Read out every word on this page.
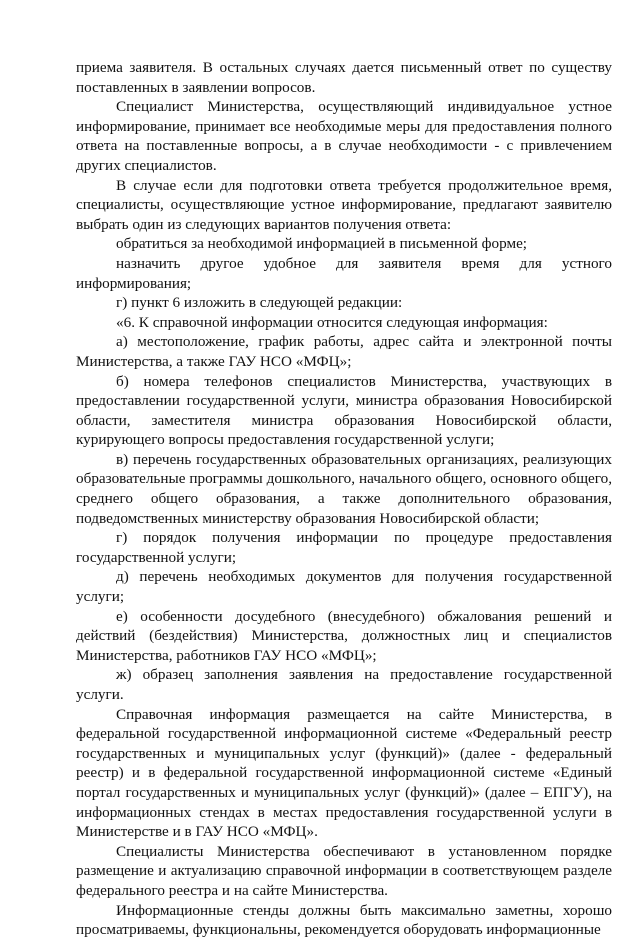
приема заявителя. В остальных случаях дается письменный ответ по существу поставленных в заявлении вопросов.

Специалист Министерства, осуществляющий индивидуальное устное информирование, принимает все необходимые меры для предоставления полного ответа на поставленные вопросы, а в случае необходимости - с привлечением других специалистов.

В случае если для подготовки ответа требуется продолжительное время, специалисты, осуществляющие устное информирование, предлагают заявителю выбрать один из следующих вариантов получения ответа:

обратиться за необходимой информацией в письменной форме;

назначить другое удобное для заявителя время для устного информирования;

г) пункт 6 изложить в следующей редакции:

«6. К справочной информации относится следующая информация:

а) местоположение, график работы, адрес сайта и электронной почты Министерства, а также ГАУ НСО «МФЦ»;

б) номера телефонов специалистов Министерства, участвующих в предоставлении государственной услуги, министра образования Новосибирской области, заместителя министра образования Новосибирской области, курирующего вопросы предоставления государственной услуги;

в) перечень государственных образовательных организациях, реализующих образовательные программы дошкольного, начального общего, основного общего, среднего общего образования, а также дополнительного образования, подведомственных министерству образования Новосибирской области;

г) порядок получения информации по процедуре предоставления государственной услуги;

д) перечень необходимых документов для получения государственной услуги;

е) особенности досудебного (внесудебного) обжалования решений и действий (бездействия) Министерства, должностных лиц и специалистов Министерства, работников ГАУ НСО «МФЦ»;

ж) образец заполнения заявления на предоставление государственной услуги.

Справочная информация размещается на сайте Министерства, в федеральной государственной информационной системе «Федеральный реестр государственных и муниципальных услуг (функций)» (далее - федеральный реестр) и в федеральной государственной информационной системе «Единый портал государственных и муниципальных услуг (функций)» (далее – ЕПГУ), на информационных стендах в местах предоставления государственной услуги в Министерстве и в ГАУ НСО «МФЦ».

Специалисты Министерства обеспечивают в установленном порядке размещение и актуализацию справочной информации в соответствующем разделе федерального реестра и на сайте Министерства.

Информационные стенды должны быть максимально заметны, хорошо просматриваемы, функциональны, рекомендуется оборудовать информационные
